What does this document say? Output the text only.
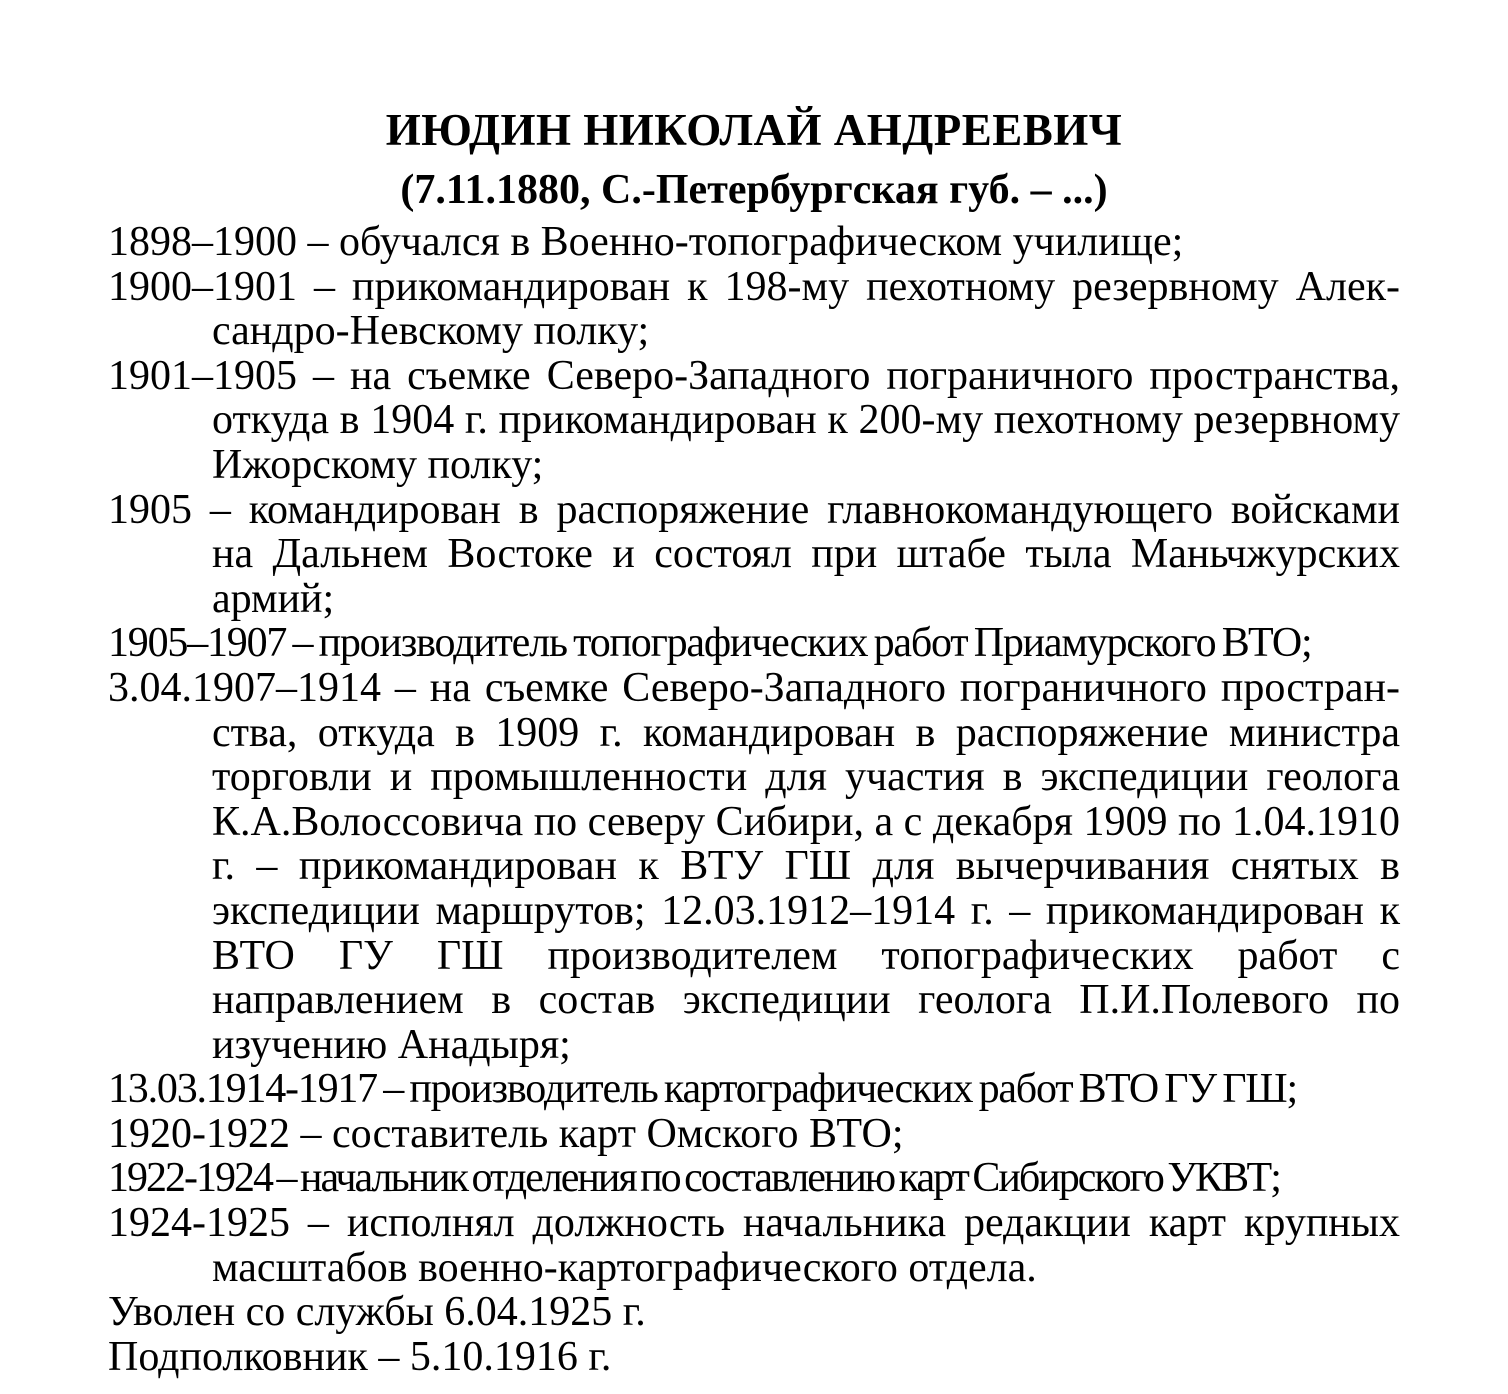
ИЮДИН НИКОЛАЙ АНДРЕЕВИЧ

(7.11.1880, С.-Петербургская губ. – ...)

1898–1900 – обучался в Военно-топографическом училище;

1900–1901 – прикомандирован к 198-му пехотному резервному Александро-Невскому полку;

1901–1905 – на съемке Северо-Западного пограничного пространства, откуда в 1904 г. прикомандирован к 200-му пехотному резервному Ижорскому полку;

1905 – командирован в распоряжение главнокомандующего войсками на Дальнем Востоке и состоял при штабе тыла Маньчжурских армий;

1905–1907 – производитель топографических работ Приамурского ВТО;

3.04.1907–1914 – на съемке Северо-Западного пограничного пространства, откуда в 1909 г. командирован в распоряжение министра торговли и промышленности для участия в экспедиции геолога К.А.Волоссовича по северу Сибири, а с декабря 1909 по 1.04.1910 г. – прикомандирован к ВТУ ГШ для вычерчивания снятых в экспедиции маршрутов; 12.03.1912–1914 г. – прикомандирован к ВТО ГУ ГШ производителем топографических работ с направлением в состав экспедиции геолога П.И.Полевого по изучению Анадыря;

13.03.1914-1917 – производитель картографических работ ВТО ГУ ГШ;

1920-1922 – составитель карт Омского ВТО;

1922-1924 – начальник отделения по составлению карт Сибирского УКВТ;

1924-1925 – исполнял должность начальника редакции карт крупных масштабов военно-картографического отдела.

Уволен со службы 6.04.1925 г.

Подполковник – 5.10.1916 г.
